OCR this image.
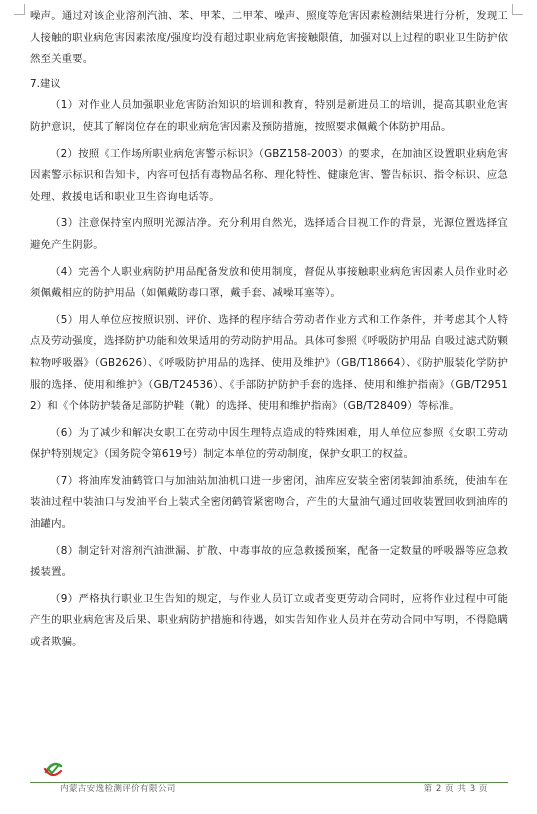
噪声。通过对该企业溶剂汽油、苯、甲苯、二甲苯、噪声、照度等危害因素检测结果进行分析，发现工人接触的职业病危害因素浓度/强度均没有超过职业病危害接触限值，加强对以上过程的职业卫生防护依然至关重要。

7.建议

（1）对作业人员加强职业危害防治知识的培训和教育，特别是新进员工的培训，提高其职业危害防护意识，使其了解岗位存在的职业病危害因素及预防措施，按照要求佩戴个体防护用品。

（2）按照《工作场所职业病危害警示标识》（GBZ158-2003）的要求，在加油区设置职业病危害因素警示标识和告知卡，内容可包括有毒物品名称、理化特性、健康危害、警告标识、指令标识、应急处理、救援电话和职业卫生咨询电话等。

（3）注意保持室内照明光源洁净。充分利用自然光，选择适合目视工作的背景，光源位置选择宜避免产生阴影。

（4）完善个人职业病防护用品配备发放和使用制度，督促从事接触职业病危害因素人员作业时必须佩戴相应的防护用品（如佩戴防毒口罩，戴手套、减噪耳塞等）。

（5）用人单位应按照识别、评价、选择的程序结合劳动者作业方式和工作条件，并考虑其个人特点及劳动强度，选择防护功能和效果适用的劳动防护用品。具体可参照《呼吸防护用品 自吸过滤式防颗粒物呼吸器》（GB2626）、《呼吸防护用品的选择、使用及维护》（GB/T18664）、《防护服装化学防护服的选择、使用和维护》（GB/T24536）、《手部防护防护手套的选择、使用和维护指南》（GB/T29512）和《个体防护装备足部防护鞋（靴）的选择、使用和维护指南》（GB/T28409）等标准。

（6）为了减少和解决女职工在劳动中因生理特点造成的特殊困难，用人单位应参照《女职工劳动保护特别规定》（国务院令第619号）制定本单位的劳动制度，保护女职工的权益。

（7）将油库发油鹤管口与加油站加油机口进一步密闭，油库应安装全密闭装卸油系统，使油车在装油过程中装油口与发油平台上装式全密闭鹤管紧密吻合，产生的大量油气通过回收装置回收到油库的油罐内。

（8）制定针对溶剂汽油泄漏、扩散、中毒事故的应急救援预案，配备一定数量的呼吸器等应急救援装置。

（9）严格执行职业卫生告知的规定，与作业人员订立或者变更劳动合同时，应将作业过程中可能产生的职业病危害及后果、职业病防护措施和待遇，如实告知作业人员并在劳动合同中写明，不得隐瞒或者欺骗。

内蒙古安逸检测评价有限公司	第 2 页 共 3 页
